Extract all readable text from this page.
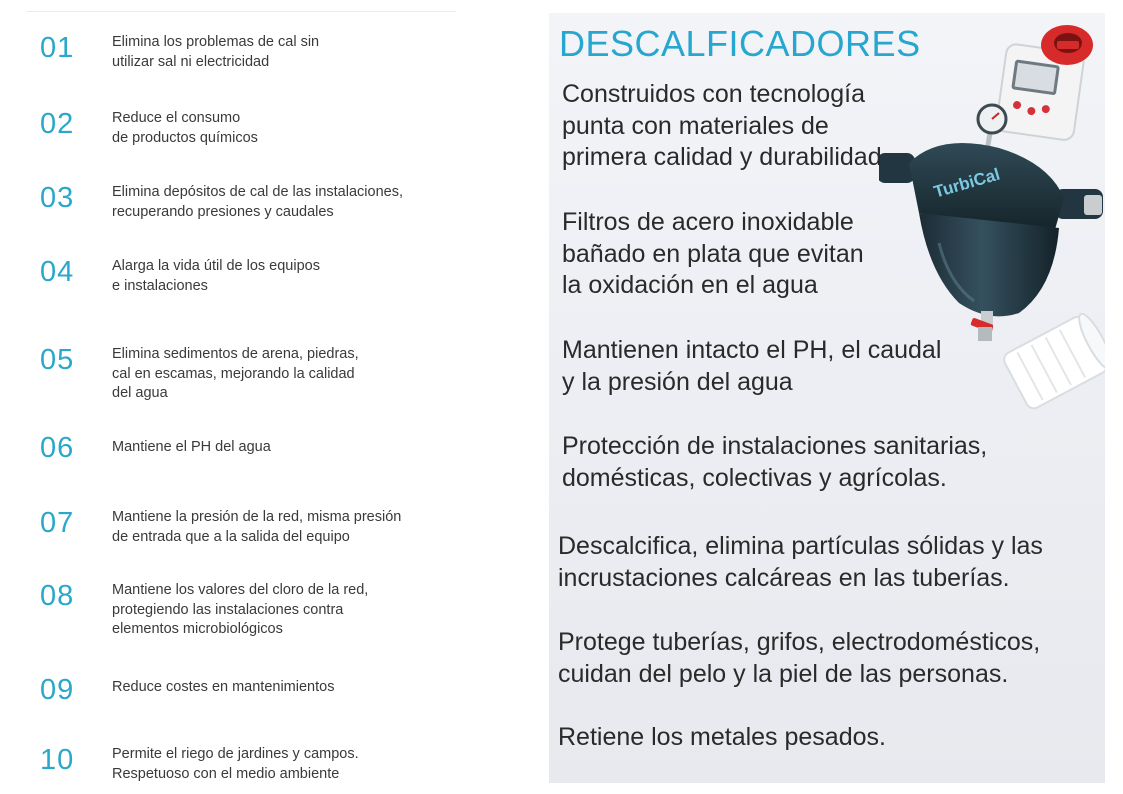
01	Elimina los problemas de cal sin
utilizar sal ni electricidad
02	Reduce el consumo
de productos químicos
03	Elimina depósitos de cal de las instalaciones,
recuperando presiones y caudales
04	Alarga la vida útil de los equipos
e instalaciones
05	Elimina sedimentos de arena, piedras,
cal en escamas, mejorando la calidad
del agua
06	Mantiene el PH del agua
07	Mantiene la presión de la red, misma presión
de entrada que a la salida del equipo
08	Mantiene los valores del cloro de la red,
protegiendo las instalaciones contra
elementos microbiológicos
09	Reduce costes en mantenimientos
10	Permite el riego de jardines y campos.
Respetuoso con el medio ambiente
TurbiCal
DESCALFICADORES
Construidos con tecnología
punta con materiales de
primera calidad y durabilidad
Filtros de acero inoxidable
bañado en plata que evitan
la oxidación en el agua
Mantienen intacto el PH, el caudal
y la presión del agua
Protección de instalaciones sanitarias,
domésticas, colectivas y agrícolas.
Descalcifica, elimina partículas sólidas y las
incrustaciones calcáreas en las tuberías.
Protege tuberías, grifos, electrodomésticos,
cuidan del pelo y la piel de las personas.
Retiene los metales pesados.
